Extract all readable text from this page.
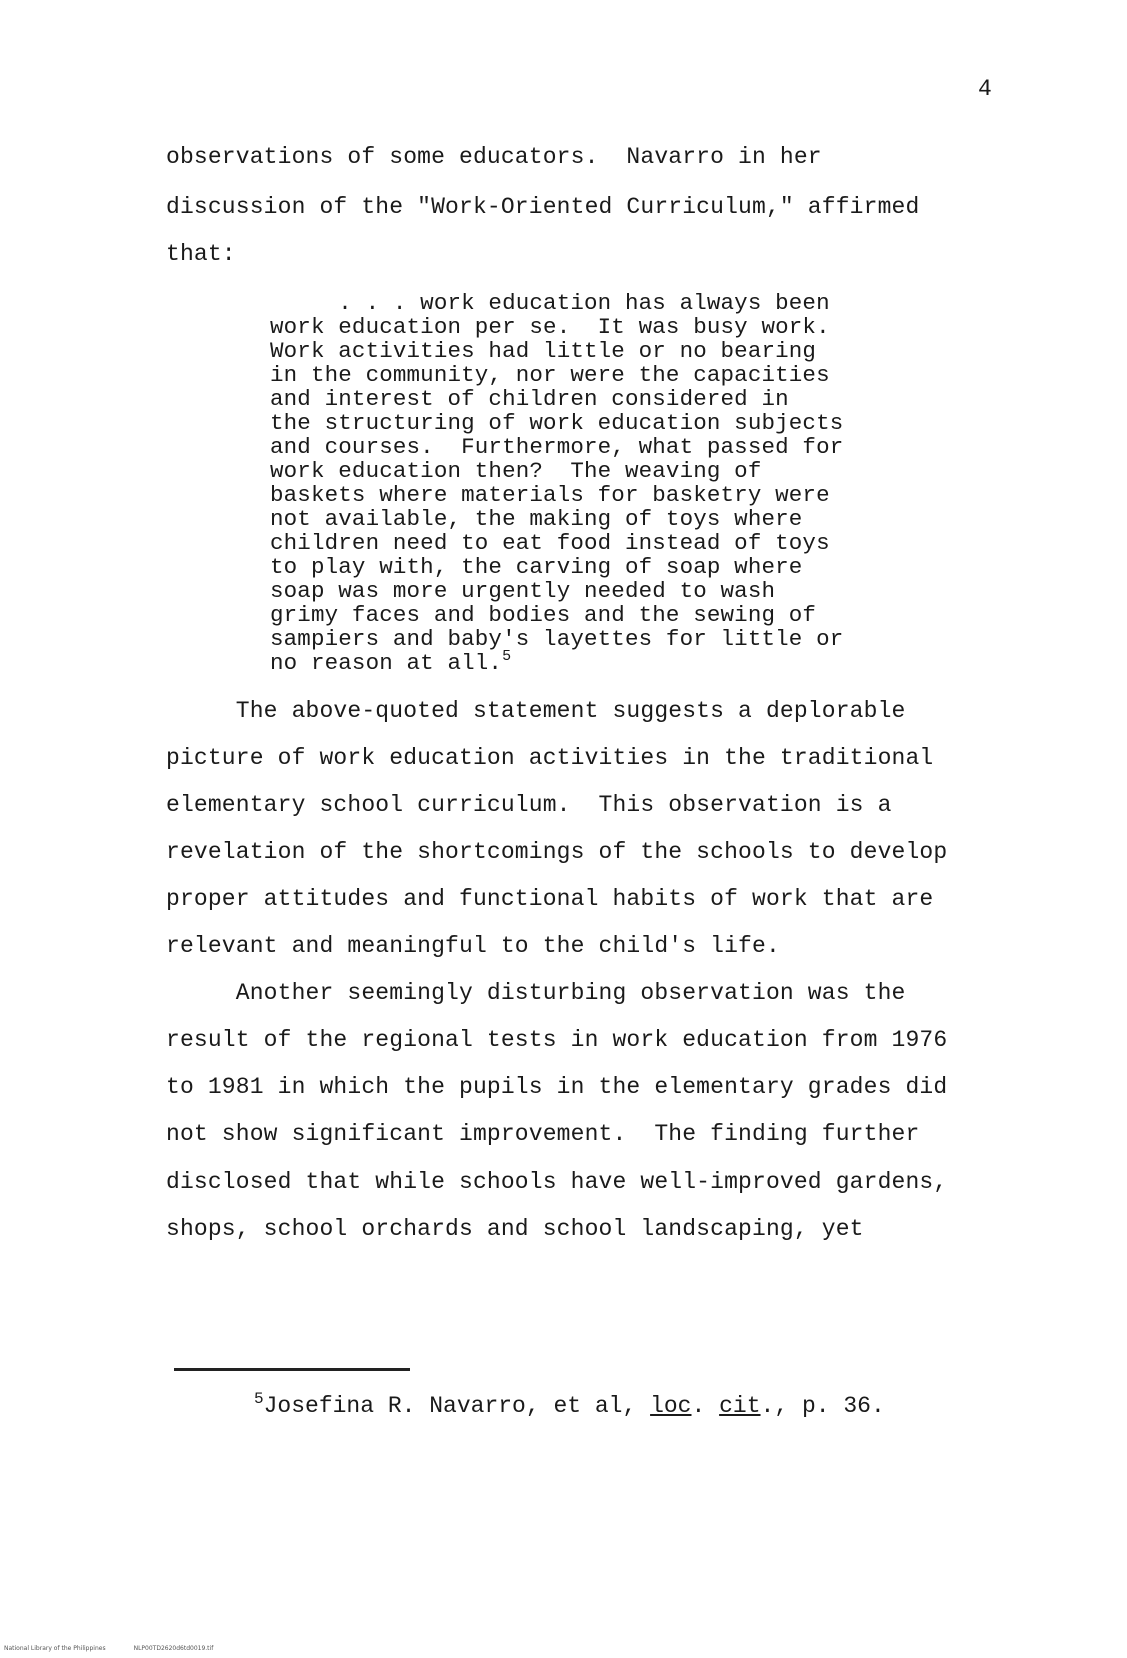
4
observations of some educators.  Navarro in her
discussion of the "Work-Oriented Curriculum," affirmed
that:
. . . work education has always been
work education per se.  It was busy work.
Work activities had little or no bearing
in the community, nor were the capacities
and interest of children considered in
the structuring of work education subjects
and courses.  Furthermore, what passed for
work education then?  The weaving of
baskets where materials for basketry were
not available, the making of toys where
children need to eat food instead of toys
to play with, the carving of soap where
soap was more urgently needed to wash
grimy faces and bodies and the sewing of
sampiers and baby's layettes for little or
no reason at all.$^5$
The above-quoted statement suggests a deplorable
picture of work education activities in the traditional
elementary school curriculum.  This observation is a
revelation of the shortcomings of the schools to develop
proper attitudes and functional habits of work that are
relevant and meaningful to the child's life.
Another seemingly disturbing observation was the
result of the regional tests in work education from 1976
to 1981 in which the pupils in the elementary grades did
not show significant improvement.  The finding further
disclosed that while schools have well-improved gardens,
shops, school orchards and school landscaping, yet
$^5$Josefina R. Navarro, et al, loc. cit., p. 36.
National Library of the Philippines	NLP00TD2620d6td0019.tif
